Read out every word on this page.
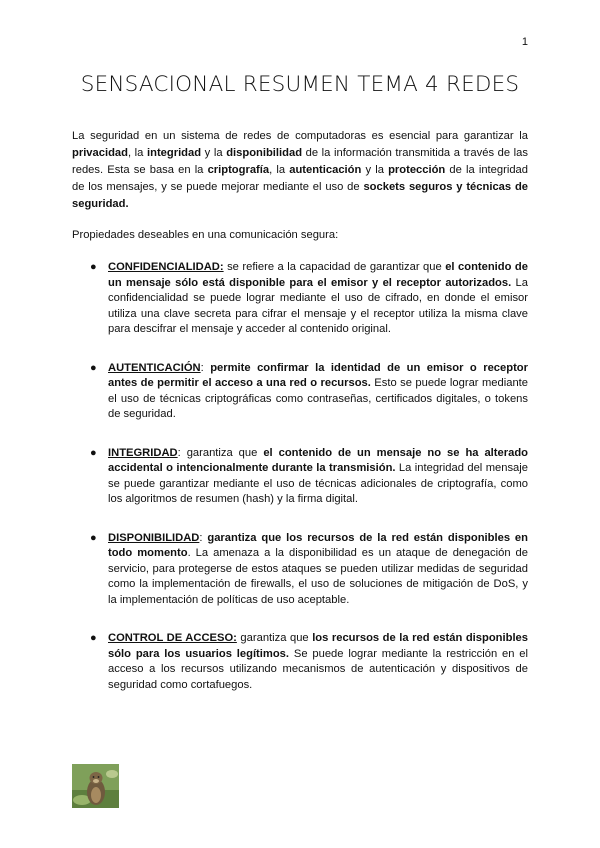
1
SENSACIONAL RESUMEN TEMA 4 REDES

La seguridad en un sistema de redes de computadoras es esencial para garantizar la privacidad, la integridad y la disponibilidad de la información transmitida a través de las redes. Esta se basa en la criptografía, la autenticación y la protección de la integridad de los mensajes, y se puede mejorar mediante el uso de sockets seguros y técnicas de seguridad.

Propiedades deseables en una comunicación segura:

● CONFIDENCIALIDAD: se refiere a la capacidad de garantizar que el contenido de un mensaje sólo está disponible para el emisor y el receptor autorizados. La confidencialidad se puede lograr mediante el uso de cifrado, en donde el emisor utiliza una clave secreta para cifrar el mensaje y el receptor utiliza la misma clave para descifrar el mensaje y acceder al contenido original.
● AUTENTICACIÓN: permite confirmar la identidad de un emisor o receptor antes de permitir el acceso a una red o recursos. Esto se puede lograr mediante el uso de técnicas criptográficas como contraseñas, certificados digitales, o tokens de seguridad.
● INTEGRIDAD: garantiza que el contenido de un mensaje no se ha alterado accidental o intencionalmente durante la transmisión. La integridad del mensaje se puede garantizar mediante el uso de técnicas adicionales de criptografía, como los algoritmos de resumen (hash) y la firma digital.
● DISPONIBILIDAD: garantiza que los recursos de la red están disponibles en todo momento. La amenaza a la disponibilidad es un ataque de denegación de servicio, para protegerse de estos ataques se pueden utilizar medidas de seguridad como la implementación de firewalls, el uso de soluciones de mitigación de DoS, y la implementación de políticas de uso aceptable.
● CONTROL DE ACCESO: garantiza que los recursos de la red están disponibles sólo para los usuarios legítimos. Se puede lograr mediante la restricción en el acceso a los recursos utilizando mecanismos de autenticación y dispositivos de seguridad como cortafuegos.
